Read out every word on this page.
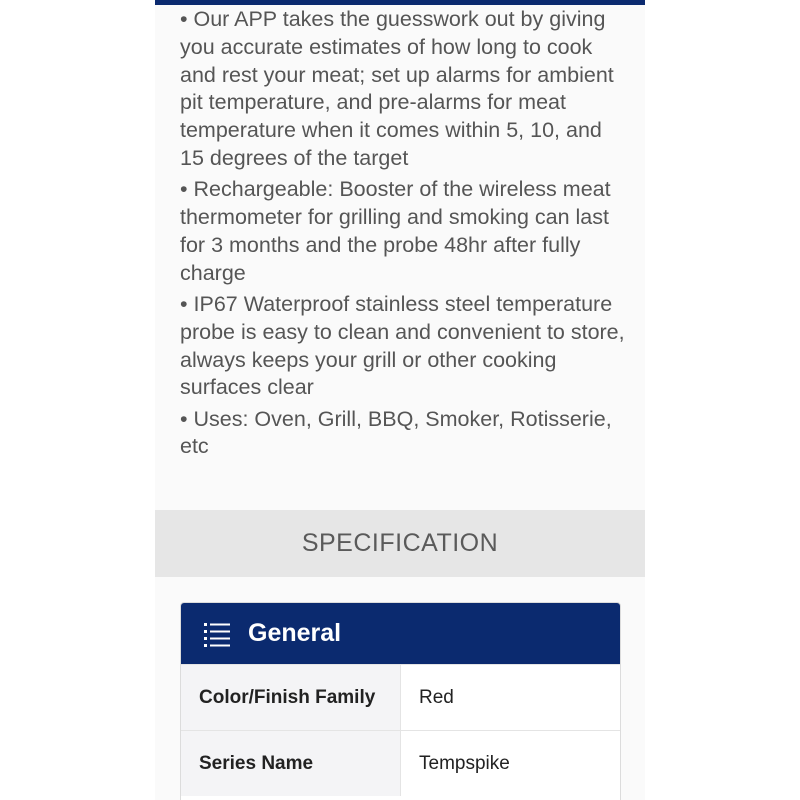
• Our APP takes the guesswork out by giving you accurate estimates of how long to cook and rest your meat; set up alarms for ambient pit temperature, and pre-alarms for meat temperature when it comes within 5, 10, and 15 degrees of the target
• Rechargeable: Booster of the wireless meat thermometer for grilling and smoking can last for 3 months and the probe 48hr after fully charge
• IP67 Waterproof stainless steel temperature probe is easy to clean and convenient to store, always keeps your grill or other cooking surfaces clear
• Uses: Oven, Grill, BBQ, Smoker, Rotisserie, etc
SPECIFICATION
General
Color/Finish Family	Red
Series Name	Tempspike
